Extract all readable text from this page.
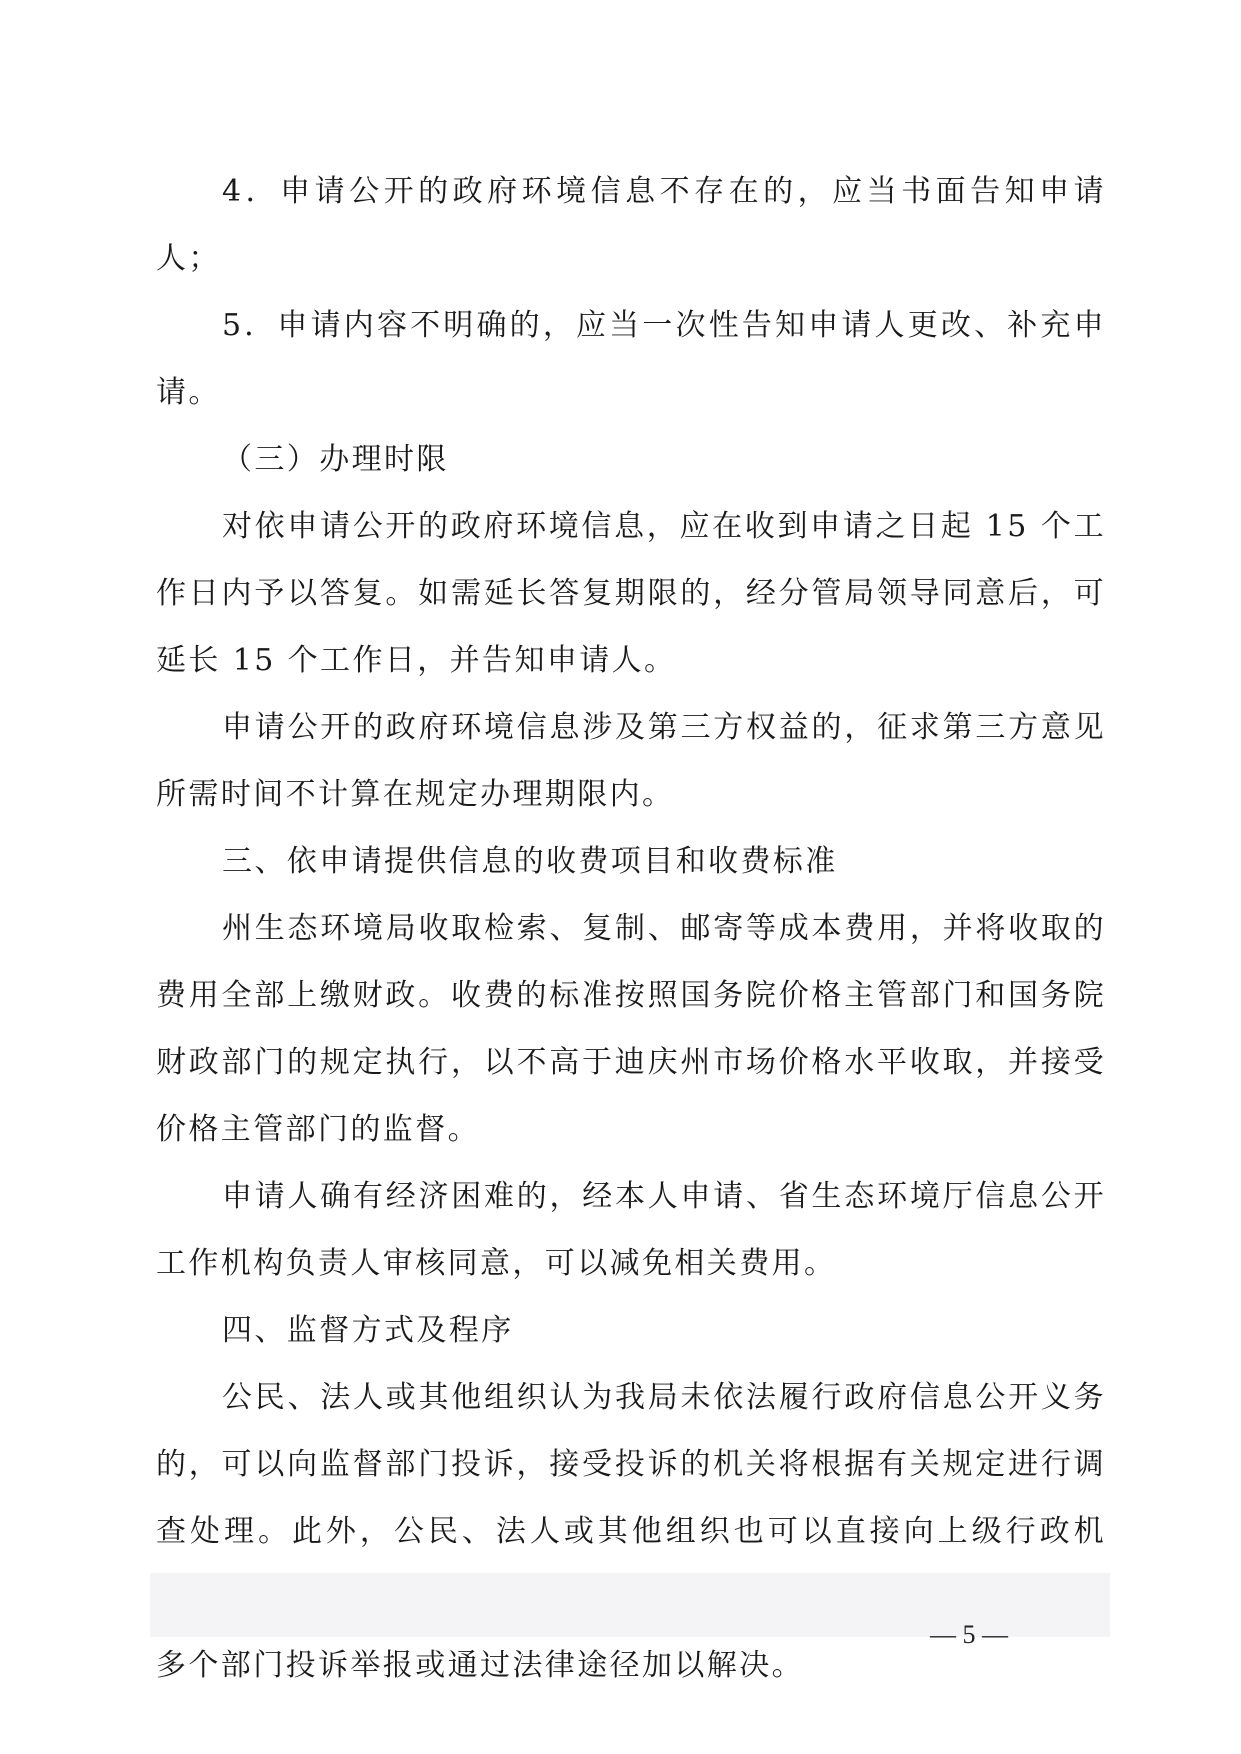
4．申请公开的政府环境信息不存在的，应当书面告知申请人；

5．申请内容不明确的，应当一次性告知申请人更改、补充申请。

（三）办理时限

对依申请公开的政府环境信息，应在收到申请之日起 15 个工作日内予以答复。如需延长答复期限的，经分管局领导同意后，可延长 15 个工作日，并告知申请人。

申请公开的政府环境信息涉及第三方权益的，征求第三方意见所需时间不计算在规定办理期限内。

三、依申请提供信息的收费项目和收费标准

州生态环境局收取检索、复制、邮寄等成本费用，并将收取的费用全部上缴财政。收费的标准按照国务院价格主管部门和国务院财政部门的规定执行，以不高于迪庆州市场价格水平收取，并接受价格主管部门的监督。

申请人确有经济困难的，经本人申请、省生态环境厅信息公开工作机构负责人审核同意，可以减免相关费用。

四、监督方式及程序

公民、法人或其他组织认为我局未依法履行政府信息公开义务的，可以向监督部门投诉，接受投诉的机关将根据有关规定进行调查处理。此外，公民、法人或其他组织也可以直接向上级行政机 多个部门投诉举报或通过法律途径加以解决。

— 5 —
